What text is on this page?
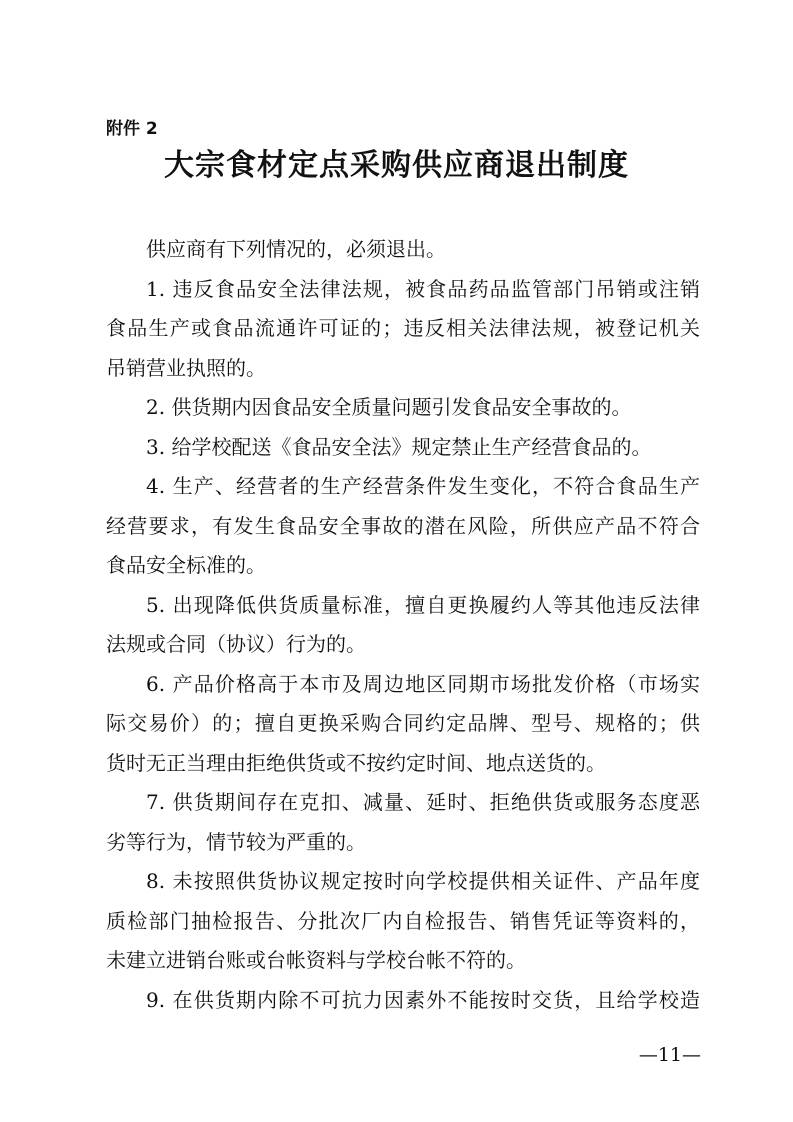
附件 2
大宗食材定点采购供应商退出制度
供应商有下列情况的，必须退出。
1. 违反食品安全法律法规，被食品药品监管部门吊销或注销
食品生产或食品流通许可证的；违反相关法律法规，被登记机关
吊销营业执照的。
2. 供货期内因食品安全质量问题引发食品安全事故的。
3. 给学校配送《食品安全法》规定禁止生产经营食品的。
4. 生产、经营者的生产经营条件发生变化，不符合食品生产
经营要求，有发生食品安全事故的潜在风险，所供应产品不符合
食品安全标准的。
5. 出现降低供货质量标准，擅自更换履约人等其他违反法律
法规或合同（协议）行为的。
6. 产品价格高于本市及周边地区同期市场批发价格（市场实
际交易价）的；擅自更换采购合同约定品牌、型号、规格的；供
货时无正当理由拒绝供货或不按约定时间、地点送货的。
7. 供货期间存在克扣、减量、延时、拒绝供货或服务态度恶
劣等行为，情节较为严重的。
8. 未按照供货协议规定按时向学校提供相关证件、产品年度
质检部门抽检报告、分批次厂内自检报告、销售凭证等资料的，
未建立进销台账或台帐资料与学校台帐不符的。
9. 在供货期内除不可抗力因素外不能按时交货，且给学校造
—11—
